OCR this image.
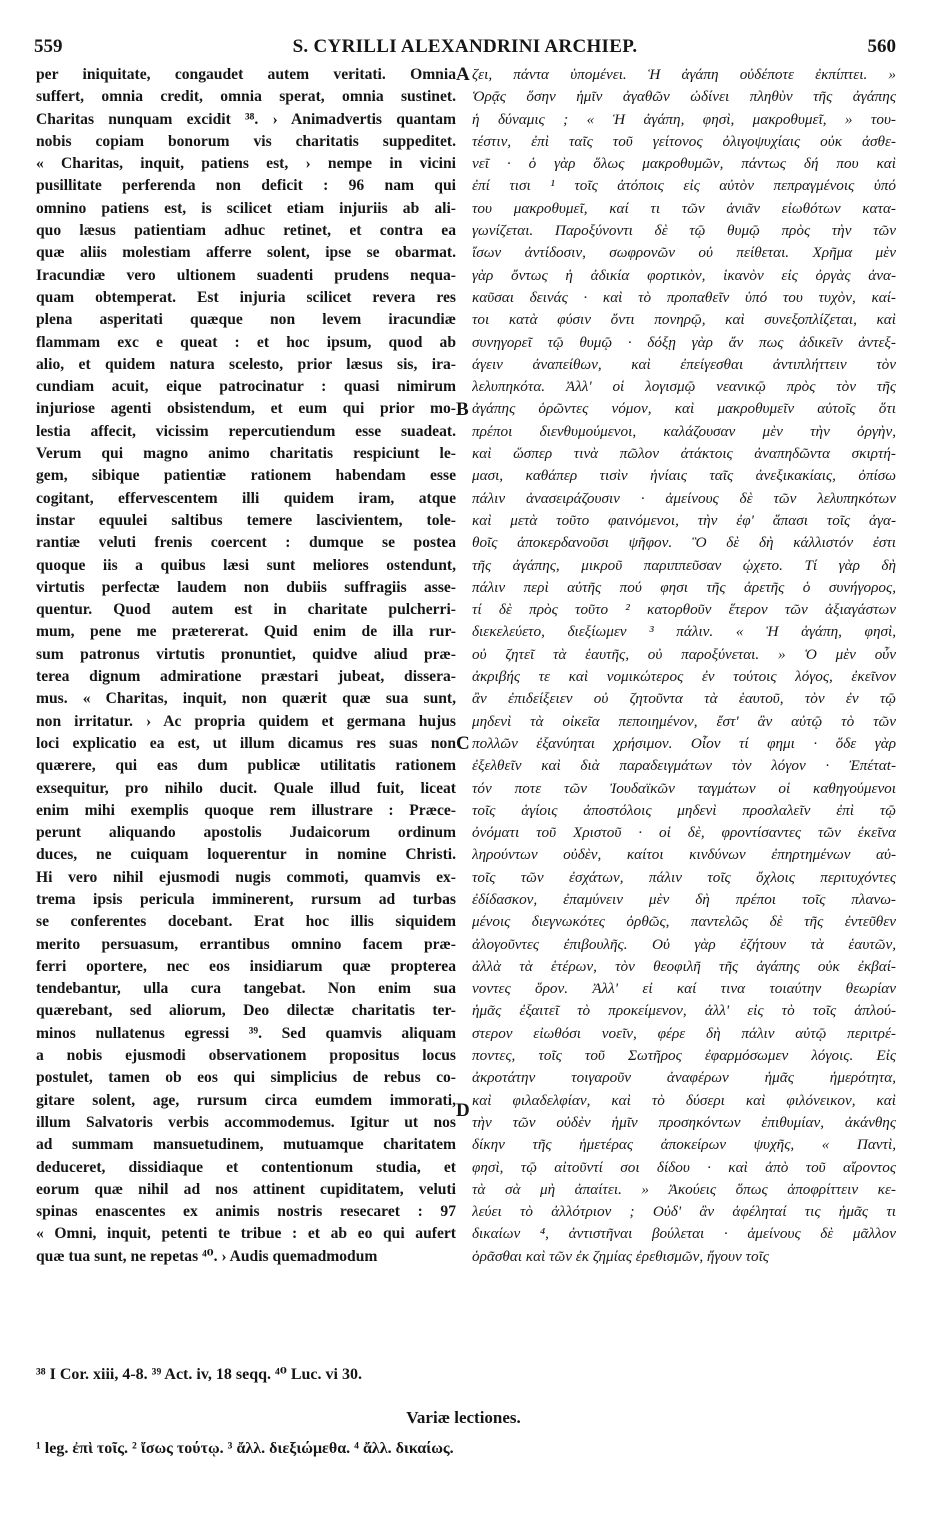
559	S. CYRILLI ALEXANDRINI ARCHIEP.	560
per iniquitate, congaudet autem veritati. Omnia
suffert, omnia credit, omnia sperat, omnia sustinet.
Charitas nunquam excidit ³⁸. › Animadvertis quantam
nobis copiam bonorum vis charitatis suppeditet.
« Charitas, inquit, patiens est, › nempe in vicini
pusillitate perferenda non deficit : 96 nam qui
omnino patiens est, is scilicet etiam injuriis ab ali-
quo læsus patientiam adhuc retinet, et contra ea
quæ aliis molestiam afferre solent, ipse se obarmat.
Iracundiæ vero ultionem suadenti prudens nequa-
quam obtemperat. Est injuria scilicet revera res
plena asperitati quæque non levem iracundiæ
flammam exc e queat : et hoc ipsum, quod ab
alio, et quidem natura scelesto, prior læsus sis, ira-
cundiam acuit, eique patrocinatur : quasi nimirum
injuriose agenti obsistendum, et eum qui prior mo-
lestia affecit, vicissim repercutiendum esse suadeat.
Verum qui magno animo charitatis respiciunt le-
gem, sibique patientiæ rationem habendam esse
cogitant, effervescentem illi quidem iram, atque
instar equulei saltibus temere lascivientem, tole-
rantiæ veluti frenis coercent : dumque se postea
quoque iis a quibus læsi sunt meliores ostendunt,
virtutis perfectæ laudem non dubiis suffragiis asse-
quentur. Quod autem est in charitate pulcherri-
mum, pene me prætererat. Quid enim de illa rur-
sum patronus virtutis pronuntiet, quidve aliud præ-
terea dignum admiratione præstari jubeat, disserа-
mus. « Charitas, inquit, non quærit quæ sua sunt,
non irritatur. › Ac propria quidem et germana hujus
loci explicatio ea est, ut illum dicamus res suas non
quærere, qui eas dum publicæ utilitatis rationem
exsequitur, pro nihilo ducit. Quale illud fuit, liceat
enim mihi exemplis quoque rem illustrare : Præce-
perunt aliquando apostolis Judaicorum ordinum
duces, ne cuiquam loquerentur in nomine Christi.
Hi vero nihil ejusmodi nugis commoti, quamvis ex-
trema ipsis pericula imminerent, rursum ad turbas
se conferentes docebant. Erat hoc illis siquidem
merito persuasum, errantibus omnino facem præ-
ferri oportere, nec eos insidiarum quæ propterea
tendebantur, ulla cura tangebat. Non enim sua
quærebant, sed aliorum, Deo dilectæ charitatis ter-
minos nullatenus egressi ³⁹. Sed quamvis aliquam
a nobis ejusmodi observationem propositus locus
postulet, tamen ob eos qui simplicius de rebus co-
gitare solent, age, rursum circa eumdem immorati,
illum Salvatoris verbis accommodemus. Igitur ut nos
ad summam mansuetudinem, mutuamque charitatem
deduceret, dissidiaque et contentionum studia, et
eorum quæ nihil ad nos attinent cupiditatem, veluti
spinas enascentes ex animis nostris resecaret : 97
« Omni, inquit, petenti te tribue : et ab eo qui aufert
quæ tua sunt, ne repetas ⁴⁰. › Audis quemadmodum
ζει, πάντα ὑπομένει. Ἡ ἀγάπη οὐδέποτε ἐκπίπτει. »
Ὁρᾷς ὅσην ἡμῖν ἀγαθῶν ὠδίνει πληθὺν τῆς ἀγάπης
ἡ δύναμις ; « Ἡ ἀγάπη, φησὶ, μακροθυμεῖ, » του-
τέστιν, ἐπὶ ταῖς τοῦ γείτονος ὀλιγοψυχίαις οὐκ ἀσθε-
νεῖ · ὁ γὰρ ὅλως μακροθυμῶν, πάντως δή που καὶ
ἐπί τισι ¹ τοῖς ἀτόποις εἰς αὐτὸν πεπραγμένοις ὑπό
του μακροθυμεῖ, καί τι τῶν ἀνιᾶν εἰωθότων κατα-
γωνίζεται. Παροξύνοντι δὲ τῷ θυμῷ πρὸς τὴν τῶν
ἴσων ἀντίδοσιν, σωφρονῶν οὐ πείθεται. Χρῆμα μὲν
γὰρ ὄντως ἡ ἀδικία φορτικὸν, ἱκανὸν εἰς ὀργὰς ἀνα-
καῦσαι δεινάς · καὶ τὸ προπαθεῖν ὑπό του τυχὸν, καί-
τοι κατὰ φύσιν ὄντι πονηρῷ, καὶ συνεξοπλίζεται, καὶ
συνηγορεῖ τῷ θυμῷ · δόξῃ γὰρ ἄν πως ἀδικεῖν ἀντεξ-
άγειν ἀναπείθων, καὶ ἐπείγεσθαι ἀντιπλήττειν τὸν
λελυπηκότα. Ἀλλ' οἱ λογισμῷ νεανικῷ πρὸς τὸν τῆς
ἀγάπης ὁρῶντες νόμον, καὶ μακροθυμεῖν αὐτοῖς ὅτι
πρέποι διενθυμούμενοι, καλάζουσαν μὲν τὴν ὀργὴν,
καὶ ὥσπερ τινὰ πῶλον ἀτάκτοις ἀναπηδῶντα σκιρτή-
μασι, καθάπερ τισὶν ἡνίαις ταῖς ἀνεξικακίαις, ὀπίσω
πάλιν ἀνασειράζουσιν · ἀμείνους δὲ τῶν λελυπηκότων
καὶ μετὰ τοῦτο φαινόμενοι, τὴν ἐφ' ἅπασι τοῖς ἀγα-
θοῖς ἀποκερδανοῦσι ψῆφον. Ὃ δὲ δὴ κάλλιστόν ἐστι
τῆς ἀγάπης, μικροῦ παριππεῦσαν ᾠχετο. Τί γὰρ δὴ
πάλιν περὶ αὐτῆς πού φησι τῆς ἀρετῆς ὁ συνήγορος,
τί δὲ πρὸς τοῦτο ² κατορθοῦν ἕτερον τῶν ἀξιαγάστων
διεκελεύετο, διεξίωμεν ³ πάλιν. « Ἡ ἀγάπη, φησὶ,
οὐ ζητεῖ τὰ ἑαυτῆς, οὐ παροξύνεται. » Ὁ μὲν οὖν
ἀκριβής τε καὶ νομικώτερος ἐν τούτοις λόγος, ἐκεῖνον
ἂν ἐπιδείξειεν οὐ ζητοῦντα τὰ ἑαυτοῦ, τὸν ἐν τῷ
μηδενὶ τὰ οἰκεῖα πεποιημένον, ἔστ' ἂν αὐτῷ τὸ τῶν
πολλῶν ἐξανύηται χρήσιμον. Οἷον τί φημι · ὅδε γὰρ
ἐξελθεῖν καὶ διὰ παραδειγμάτων τὸν λόγον · Ἐπέταt-
τόν ποτε τῶν Ἰουδαϊκῶν ταγμάτων οἱ καθηγούμενοι
τοῖς ἁγίοις ἀποστόλοις μηδενὶ προσλαλεῖν ἐπὶ τῷ
ὀνόματι τοῦ Χριστοῦ · οἱ δὲ, φροντίσαντες τῶν ἐκεῖνα
ληρούντων οὐδὲν, καίτοι κινδύνων ἐπηρτημένων αὐ-
τοῖς τῶν ἐσχάτων, πάλιν τοῖς ὄχλοις περιτυχόντες
ἐδίδασκον, ἐπαμύνειν μὲν δὴ πρέποι τοῖς πλανω-
μένοις διεγνωκότες ὀρθῶς, παντελῶς δὲ τῆς ἐντεῦθεν
ἀλογοῦντες ἐπιβουλῆς. Οὐ γὰρ ἐζήτουν τὰ ἑαυτῶν,
ἀλλὰ τὰ ἑτέρων, τὸν θεοφιλῆ τῆς ἀγάπης οὐκ ἐκβαί-
νοντες ὅρον. Ἀλλ' εἰ καί τινα τοιαύτην θεωρίαν
ἡμᾶς ἐξαιτεῖ τὸ προκείμενον, ἀλλ' εἰς τὸ τοῖς ἁπλού-
στερον εἰωθόσι νοεῖν, φέρε δὴ πάλιν αὐτῷ περιτρέ-
ποντες, τοῖς τοῦ Σωτῆρος ἐφαρμόσωμεν λόγοις. Εἰς
ἀκροτάτην τοιγαροῦν ἀναφέρων ἡμᾶς ἡμερότητα,
καὶ φιλαδελφίαν, καὶ τὸ δύσερι καὶ φιλόνεικον, καὶ
τὴν τῶν οὐδὲν ἡμῖν προσηκόντων ἐπιθυμίαν, ἀκάνθης
δίκην τῆς ἡμετέρας ἀποκείρων ψυχῆς, « Παντὶ,
φησὶ, τῷ αἰτοῦντί σοι δίδου · καὶ ἀπὸ τοῦ αἴροντος
τὰ σὰ μὴ ἀπαίτει. » Ἀκούεις ὅπως ἀποφρίττειν κε-
λεύει τὸ ἀλλότριον ; Οὐδ' ἂν ἀφέληταί τις ἡμᾶς τι
δικαίων ⁴, ἀντιστῆναι βούλεται · ἀμείνους δὲ μᾶλλον
ὁρᾶσθαι καὶ τῶν ἐκ ζημίας ἐρεθισμῶν, ἤγουν τοῖς
A
B
C
D
³⁸ I Cor. xiii, 4-8. ³⁹ Act. iv, 18 seqq. ⁴⁰ Luc. vi 30.
Variæ lectiones.
¹ leg. ἐπὶ τοῖς. ² ἴσως τούτῳ. ³ ἄλλ. διεξιώμεθα. ⁴ ἄλλ. δικαίως.
